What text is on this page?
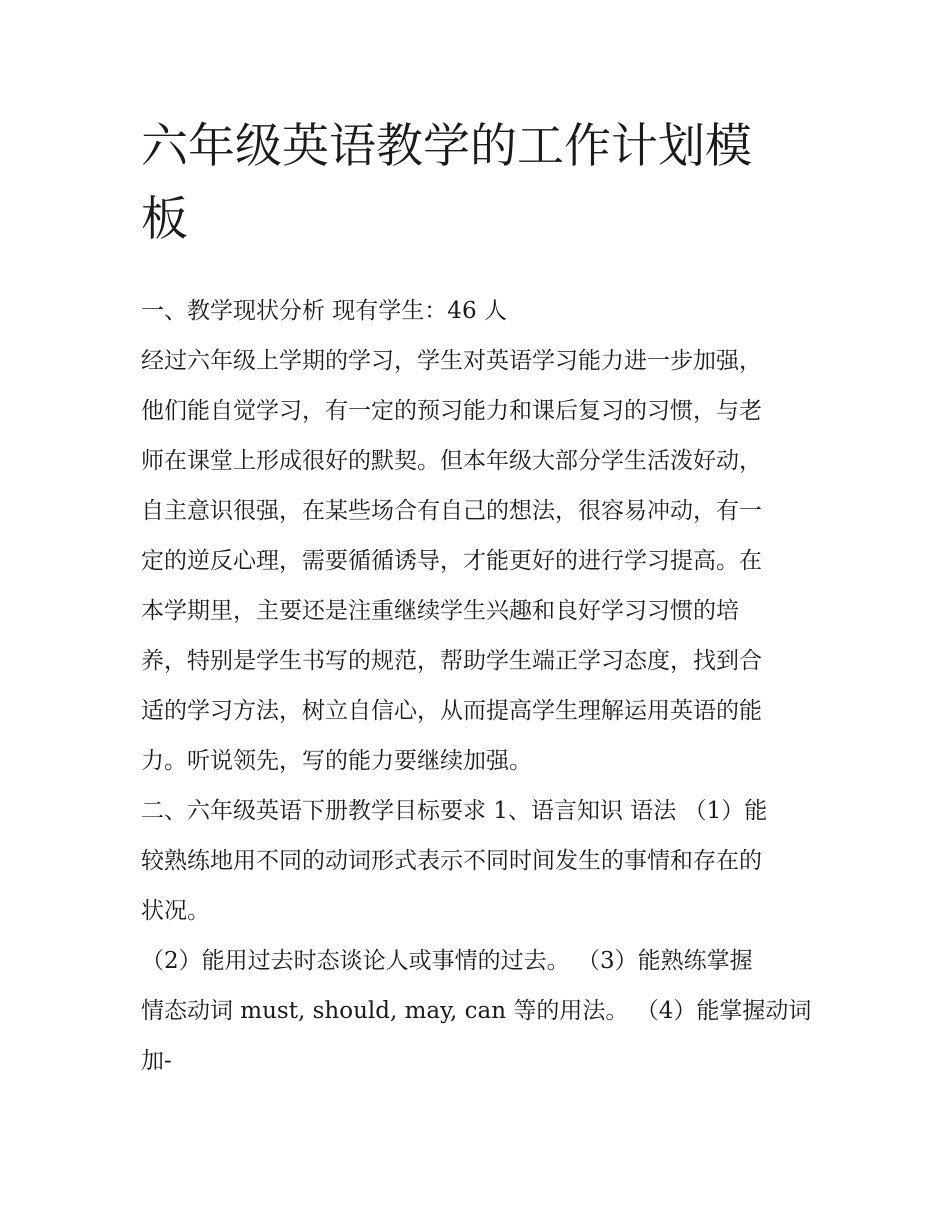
六年级英语教学的工作计划模
板

一、教学现状分析 现有学生：46 人

经过六年级上学期的学习，学生对英语学习能力进一步加强，
他们能自觉学习，有一定的预习能力和课后复习的习惯，与老
师在课堂上形成很好的默契。但本年级大部分学生活泼好动，
自主意识很强，在某些场合有自己的想法，很容易冲动，有一
定的逆反心理，需要循循诱导，才能更好的进行学习提高。在
本学期里，主要还是注重继续学生兴趣和良好学习习惯的培
养，特别是学生书写的规范，帮助学生端正学习态度，找到合
适的学习方法，树立自信心，从而提高学生理解运用英语的能
力。听说领先，写的能力要继续加强。

二、六年级英语下册教学目标要求 1、语言知识 语法 （1）能
较熟练地用不同的动词形式表示不同时间发生的事情和存在的
状况。

（2）能用过去时态谈论人或事情的过去。 （3）能熟练掌握
情态动词 must, should, may, can 等的用法。 （4）能掌握动词
加-
